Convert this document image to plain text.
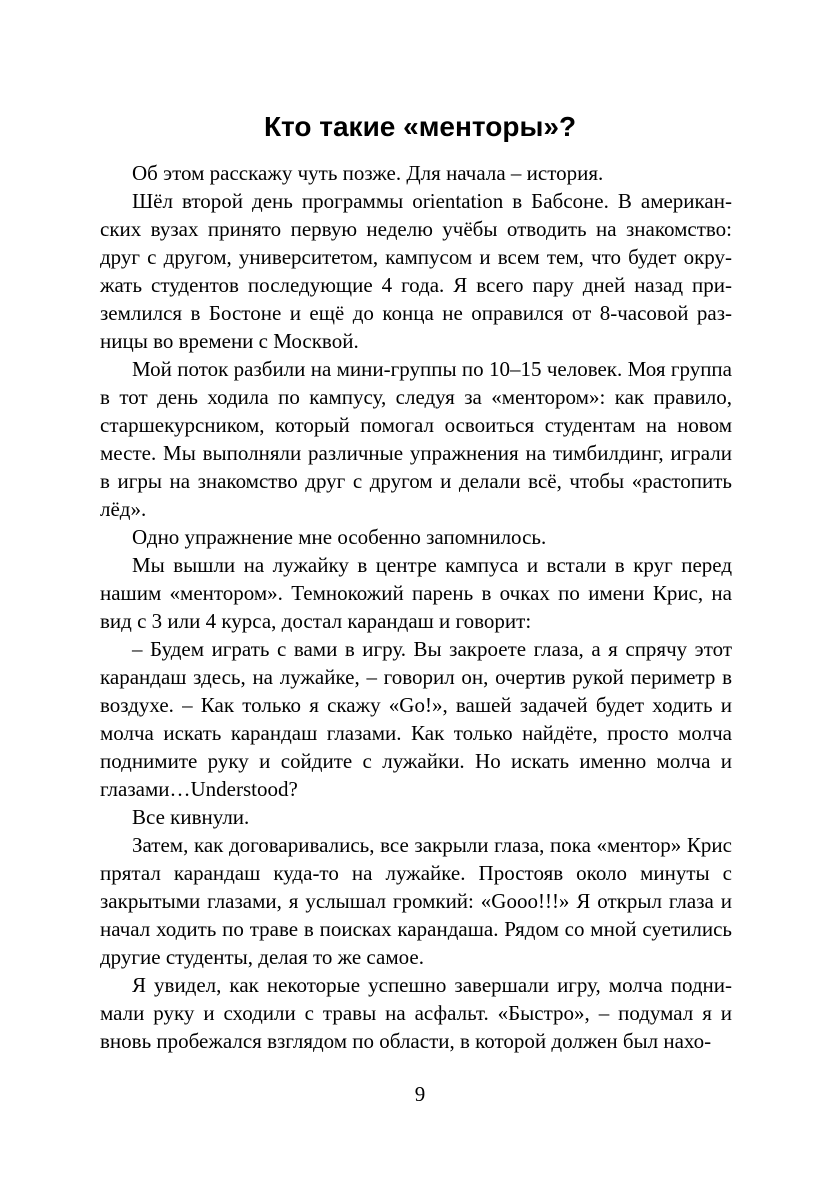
Кто такие «менторы»?

Об этом расскажу чуть позже. Для начала – история.

Шёл второй день программы orientation в Бабсоне. В американских вузах принято первую неделю учёбы отводить на знакомство: друг с другом, университетом, кампусом и всем тем, что будет окружать студентов последующие 4 года. Я всего пару дней назад приземлился в Бостоне и ещё до конца не оправился от 8-часовой разницы во времени с Москвой.

Мой поток разбили на мини-группы по 10–15 человек. Моя группа в тот день ходила по кампусу, следуя за «ментором»: как правило, старшекурсником, который помогал освоиться студентам на новом месте. Мы выполняли различные упражнения на тимбилдинг, играли в игры на знакомство друг с другом и делали всё, чтобы «растопить лёд».

Одно упражнение мне особенно запомнилось.

Мы вышли на лужайку в центре кампуса и встали в круг перед нашим «ментором». Темнокожий парень в очках по имени Крис, на вид с 3 или 4 курса, достал карандаш и говорит:

– Будем играть с вами в игру. Вы закроете глаза, а я спрячу этот карандаш здесь, на лужайке, – говорил он, очертив рукой периметр в воздухе. – Как только я скажу «Go!», вашей задачей будет ходить и молча искать карандаш глазами. Как только найдёте, просто молча поднимите руку и сойдите с лужайки. Но искать именно молча и глазами…Understood?

Все кивнули.

Затем, как договаривались, все закрыли глаза, пока «ментор» Крис прятал карандаш куда-то на лужайке. Простояв около минуты с закрытыми глазами, я услышал громкий: «Gooo!!!» Я открыл глаза и начал ходить по траве в поисках карандаша. Рядом со мной суетились другие студенты, делая то же самое.

Я увидел, как некоторые успешно завершали игру, молча поднимали руку и сходили с травы на асфальт. «Быстро», – подумал я и вновь пробежался взглядом по области, в которой должен был нахо-

9
